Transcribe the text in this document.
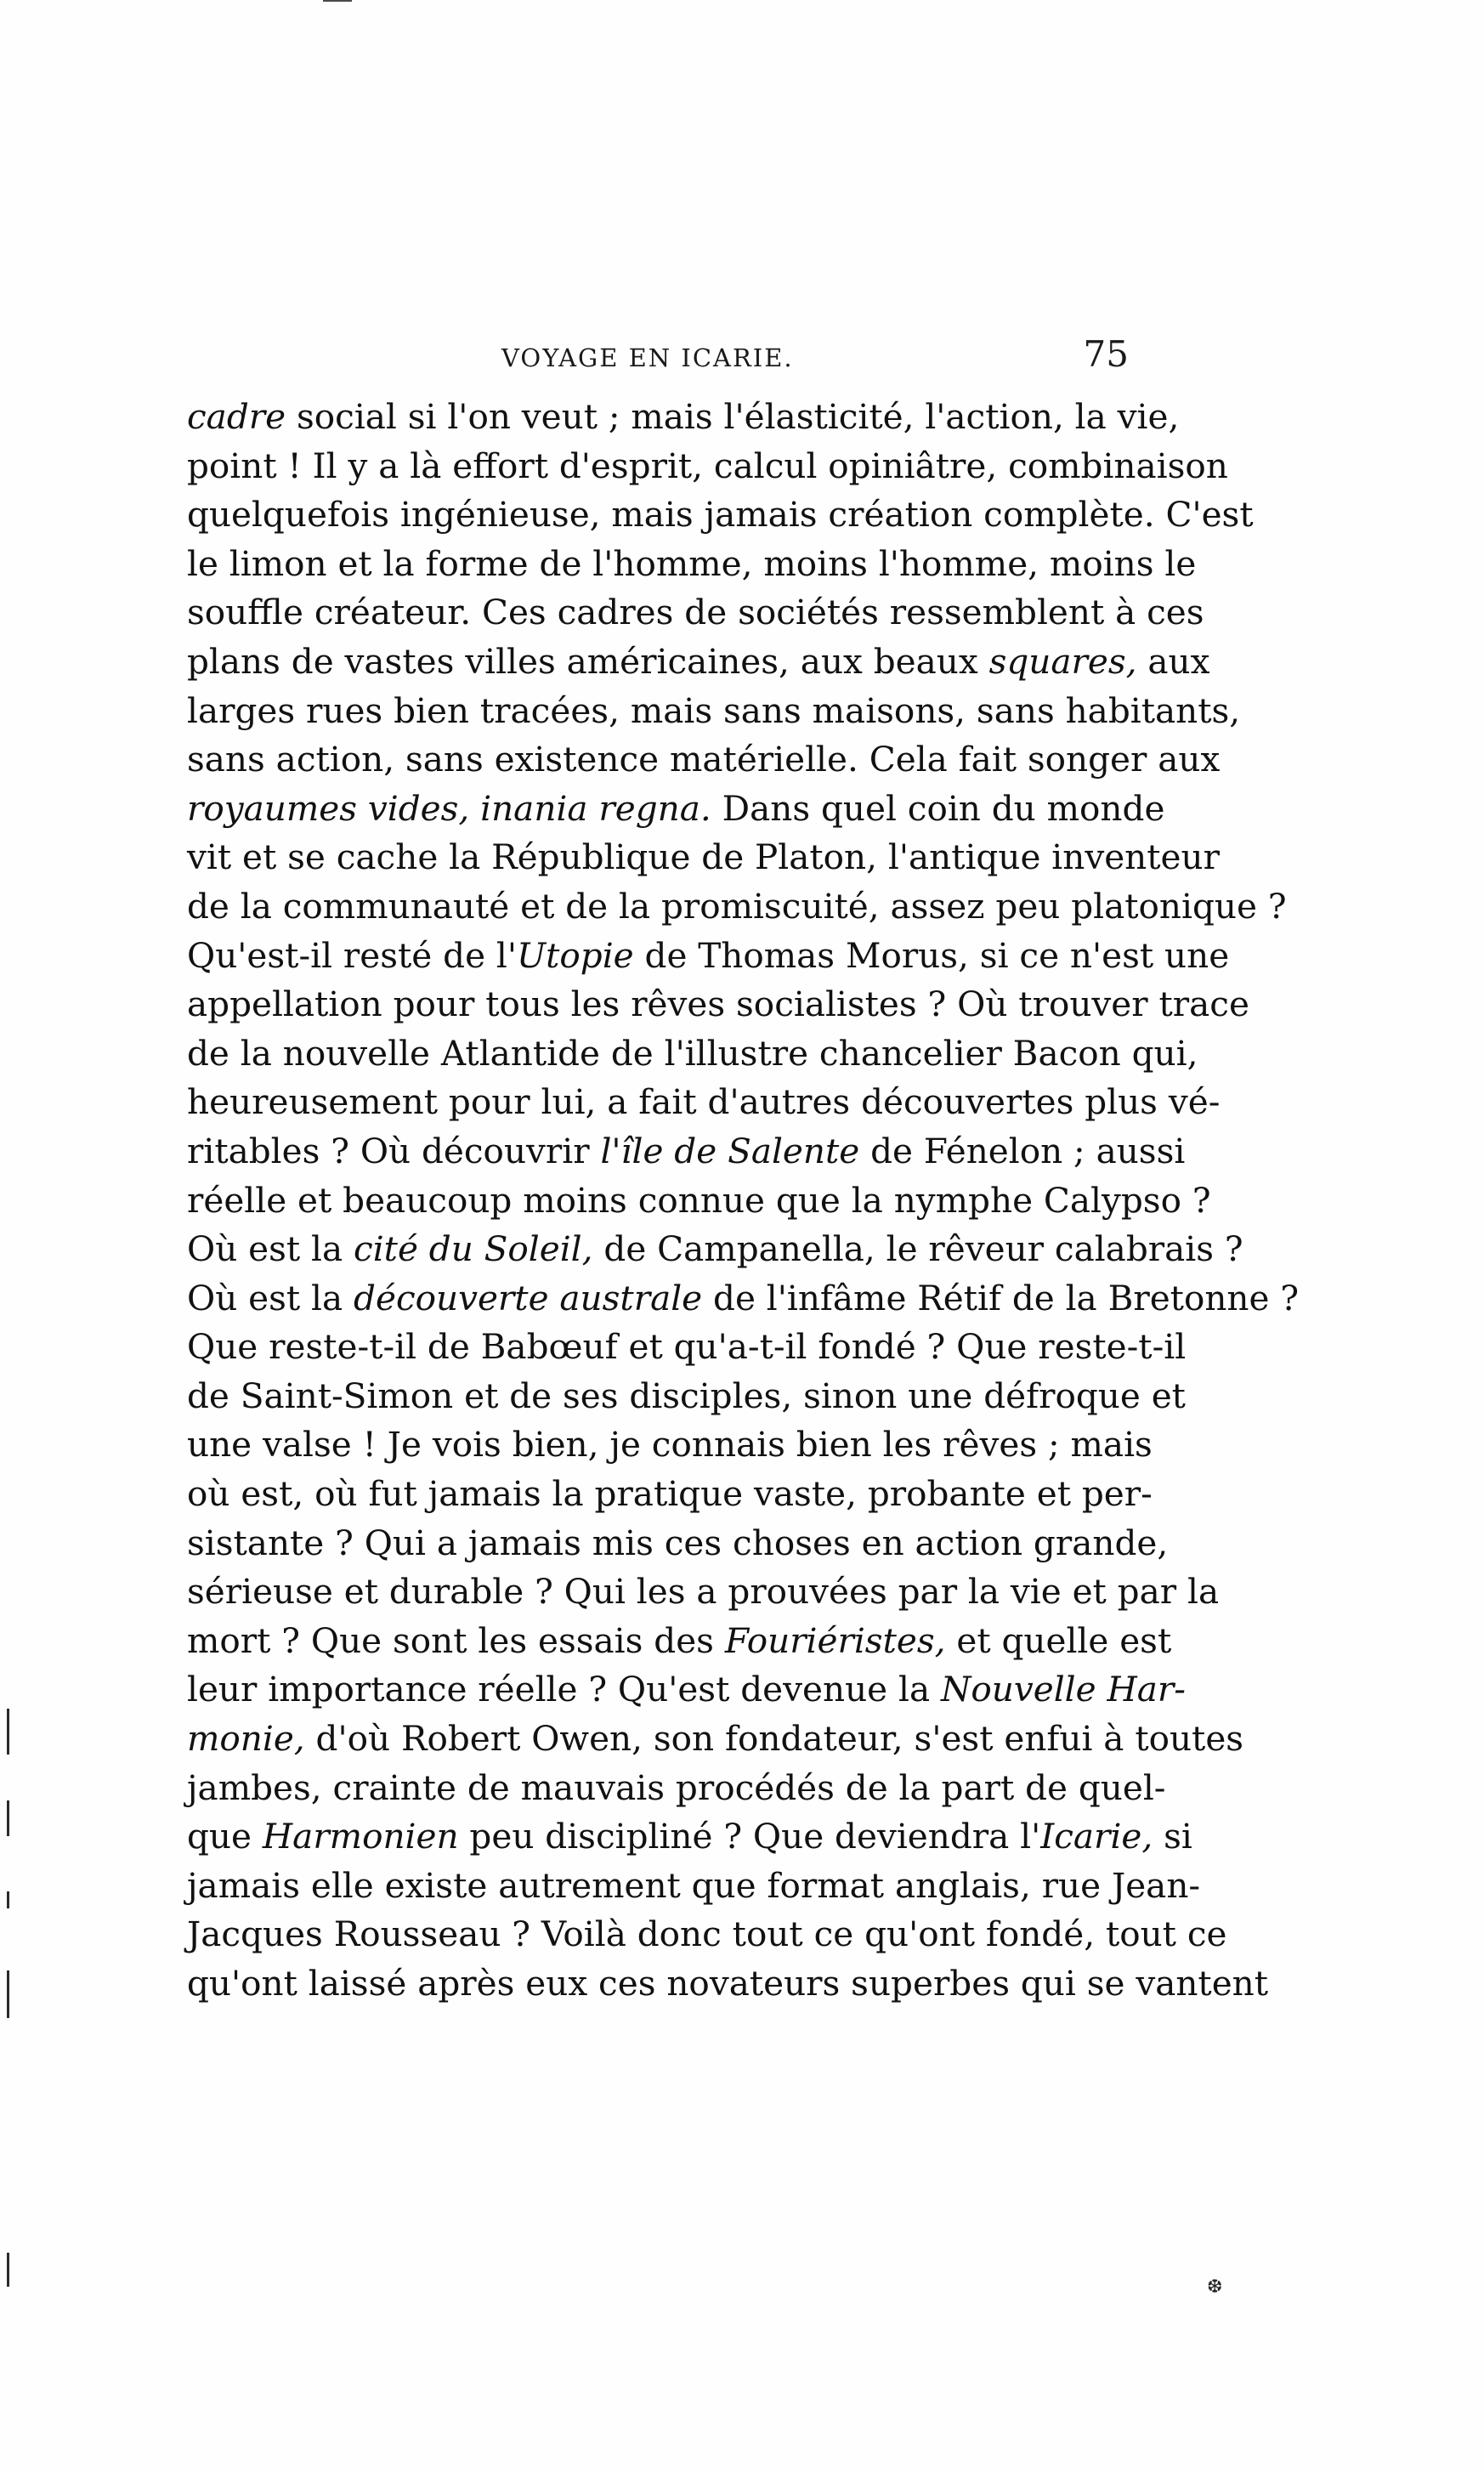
VOYAGE EN ICARIE.	75
cadre social si l'on veut ; mais l'élasticité, l'action, la vie,
point ! Il y a là effort d'esprit, calcul opiniâtre, combinaison
quelquefois ingénieuse, mais jamais création complète. C'est
le limon et la forme de l'homme, moins l'homme, moins le
souffle créateur. Ces cadres de sociétés ressemblent à ces
plans de vastes villes américaines, aux beaux squares, aux
larges rues bien tracées, mais sans maisons, sans habitants,
sans action, sans existence matérielle. Cela fait songer aux
royaumes vides, inania regna. Dans quel coin du monde
vit et se cache la République de Platon, l'antique inventeur
de la communauté et de la promiscuité, assez peu platonique ?
Qu'est-il resté de l'Utopie de Thomas Morus, si ce n'est une
appellation pour tous les rêves socialistes ? Où trouver trace
de la nouvelle Atlantide de l'illustre chancelier Bacon qui,
heureusement pour lui, a fait d'autres découvertes plus vé-
ritables ? Où découvrir l'île de Salente de Fénelon ; aussi
réelle et beaucoup moins connue que la nymphe Calypso ?
Où est la cité du Soleil, de Campanella, le rêveur calabrais ?
Où est la découverte australe de l'infâme Rétif de la Bretonne ?
Que reste-t-il de Babœuf et qu'a-t-il fondé ? Que reste-t-il
de Saint-Simon et de ses disciples, sinon une défroque et
une valse ! Je vois bien, je connais bien les rêves ; mais
où est, où fut jamais la pratique vaste, probante et per-
sistante ? Qui a jamais mis ces choses en action grande,
sérieuse et durable ? Qui les a prouvées par la vie et par la
mort ? Que sont les essais des Fouriéristes, et quelle est
leur importance réelle ? Qu'est devenue la Nouvelle Har-
monie, d'où Robert Owen, son fondateur, s'est enfui à toutes
jambes, crainte de mauvais procédés de la part de quel-
que Harmonien peu discipliné ? Que deviendra l'Icarie, si
jamais elle existe autrement que format anglais, rue Jean-
Jacques Rousseau ? Voilà donc tout ce qu'ont fondé, tout ce
qu'ont laissé après eux ces novateurs superbes qui se vantent
❆
